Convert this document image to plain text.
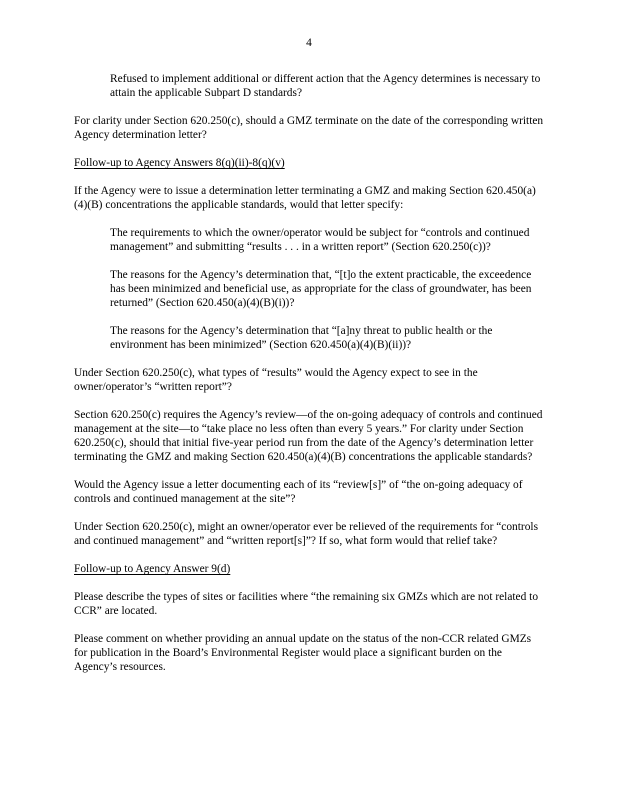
4

Refused to implement additional or different action that the Agency determines is necessary to attain the applicable Subpart D standards?

For clarity under Section 620.250(c), should a GMZ terminate on the date of the corresponding written Agency determination letter?

Follow-up to Agency Answers 8(q)(ii)-8(q)(v)

If the Agency were to issue a determination letter terminating a GMZ and making Section 620.450(a)(4)(B) concentrations the applicable standards, would that letter specify:

The requirements to which the owner/operator would be subject for “controls and continued management” and submitting “results . . . in a written report” (Section 620.250(c))?

The reasons for the Agency’s determination that, “[t]o the extent practicable, the exceedence has been minimized and beneficial use, as appropriate for the class of groundwater, has been returned” (Section 620.450(a)(4)(B)(i))?

The reasons for the Agency’s determination that “[a]ny threat to public health or the environment has been minimized” (Section 620.450(a)(4)(B)(ii))?

Under Section 620.250(c), what types of “results” would the Agency expect to see in the owner/operator’s “written report”?

Section 620.250(c) requires the Agency’s review—of the on-going adequacy of controls and continued management at the site—to “take place no less often than every 5 years.” For clarity under Section 620.250(c), should that initial five-year period run from the date of the Agency’s determination letter terminating the GMZ and making Section 620.450(a)(4)(B) concentrations the applicable standards?

Would the Agency issue a letter documenting each of its “review[s]” of “the on-going adequacy of controls and continued management at the site”?

Under Section 620.250(c), might an owner/operator ever be relieved of the requirements for “controls and continued management” and “written report[s]”? If so, what form would that relief take?

Follow-up to Agency Answer 9(d)

Please describe the types of sites or facilities where “the remaining six GMZs which are not related to CCR” are located.

Please comment on whether providing an annual update on the status of the non-CCR related GMZs for publication in the Board’s Environmental Register would place a significant burden on the Agency’s resources.
